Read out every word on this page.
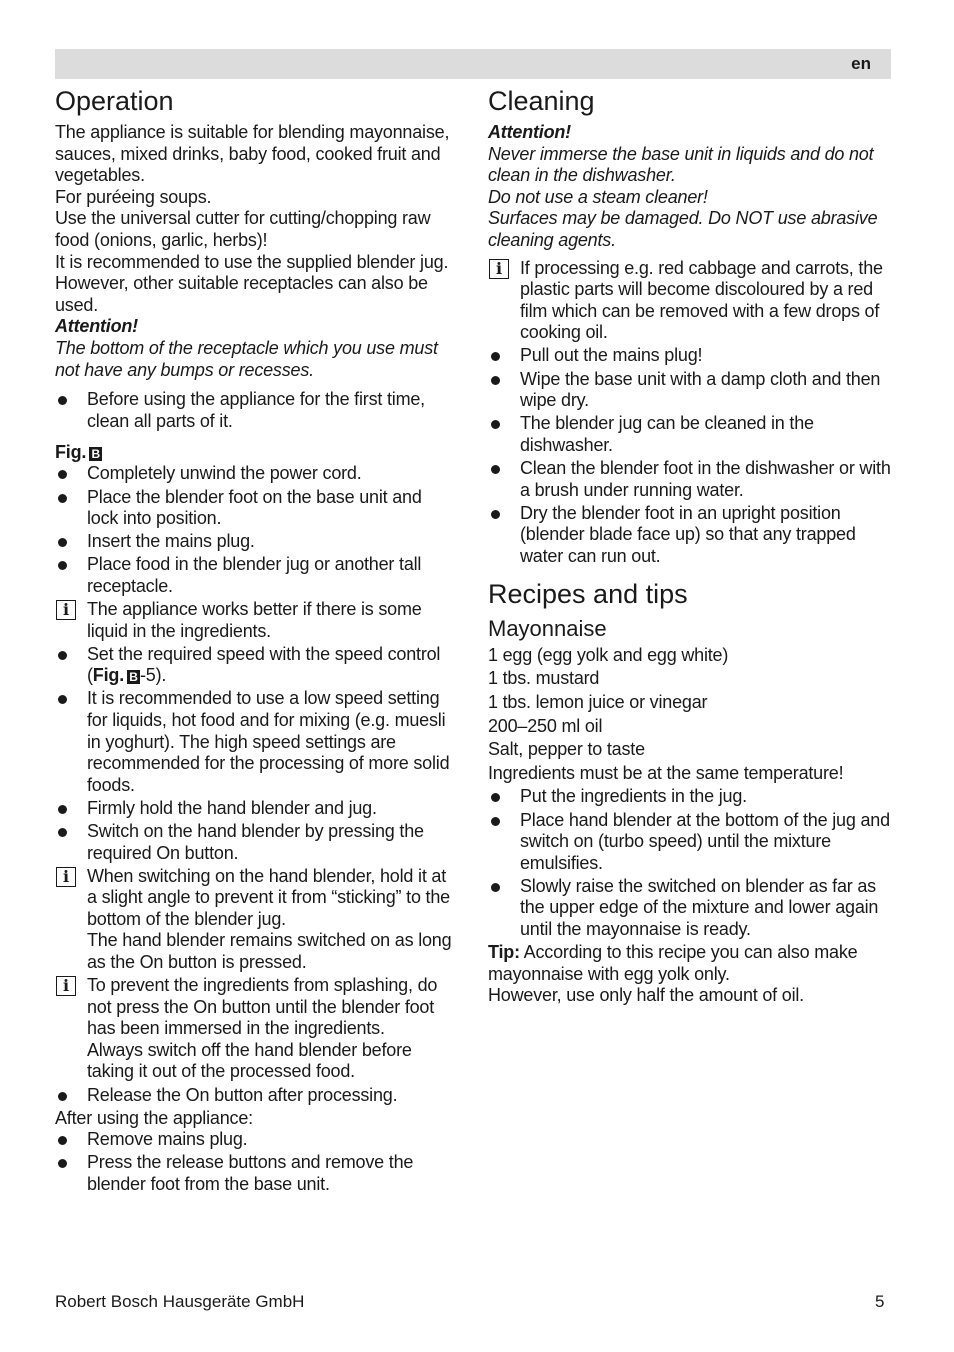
en
Operation

The appliance is suitable for blending mayonnaise, sauces, mixed drinks, baby food, cooked fruit and vegetables.

For puréeing soups.

Use the universal cutter for cutting/chopping raw food (onions, garlic, herbs)!

It is recommended to use the supplied blender jug. However, other suitable receptacles can also be used.

Attention!

The bottom of the receptacle which you use must not have any bumps or recesses.

Before using the appliance for the first time, clean all parts of it.

Fig. B

Completely unwind the power cord.
Place the blender foot on the base unit and lock into position.
Insert the mains plug.
Place food in the blender jug or another tall receptacle.
i	The appliance works better if there is some liquid in the ingredients.
Set the required speed with the speed control (Fig. B -5).
It is recommended to use a low speed setting for liquids, hot food and for mixing (e.g. muesli in yoghurt). The high speed settings are recommended for the processing of more solid foods.
Firmly hold the hand blender and jug.
Switch on the hand blender by pressing the required On button.
i	When switching on the hand blender, hold it at a slight angle to prevent it from “sticking” to the bottom of the blender jug.
The hand blender remains switched on as long as the On button is pressed.
i	To prevent the ingredients from splashing, do not press the On button until the blender foot has been immersed in the ingredients.
Always switch off the hand blender before taking it out of the processed food.
Release the On button after processing.

After using the appliance:

Remove mains plug.
Press the release buttons and remove the blender foot from the base unit.
Cleaning

Attention!

Never immerse the base unit in liquids and do not clean in the dishwasher.

Do not use a steam cleaner!

Surfaces may be damaged. Do NOT use abrasive cleaning agents.

i	If processing e.g. red cabbage and carrots, the plastic parts will become discoloured by a red film which can be removed with a few drops of cooking oil.
Pull out the mains plug!
Wipe the base unit with a damp cloth and then wipe dry.
The blender jug can be cleaned in the dishwasher.
Clean the blender foot in the dishwasher or with a brush under running water.
Dry the blender foot in an upright position (blender blade face up) so that any trapped water can run out.
Recipes and tips
Mayonnaise

1 egg (egg yolk and egg white)

1 tbs. mustard

1 tbs. lemon juice or vinegar

200–250 ml oil

Salt, pepper to taste

Ingredients must be at the same temperature!

Put the ingredients in the jug.
Place hand blender at the bottom of the jug and switch on (turbo speed) until the mixture emulsifies.
Slowly raise the switched on blender as far as the upper edge of the mixture and lower again until the mayonnaise is ready.

Tip: According to this recipe you can also make mayonnaise with egg yolk only.

However, use only half the amount of oil.

Robert Bosch Hausgeräte GmbH	5
